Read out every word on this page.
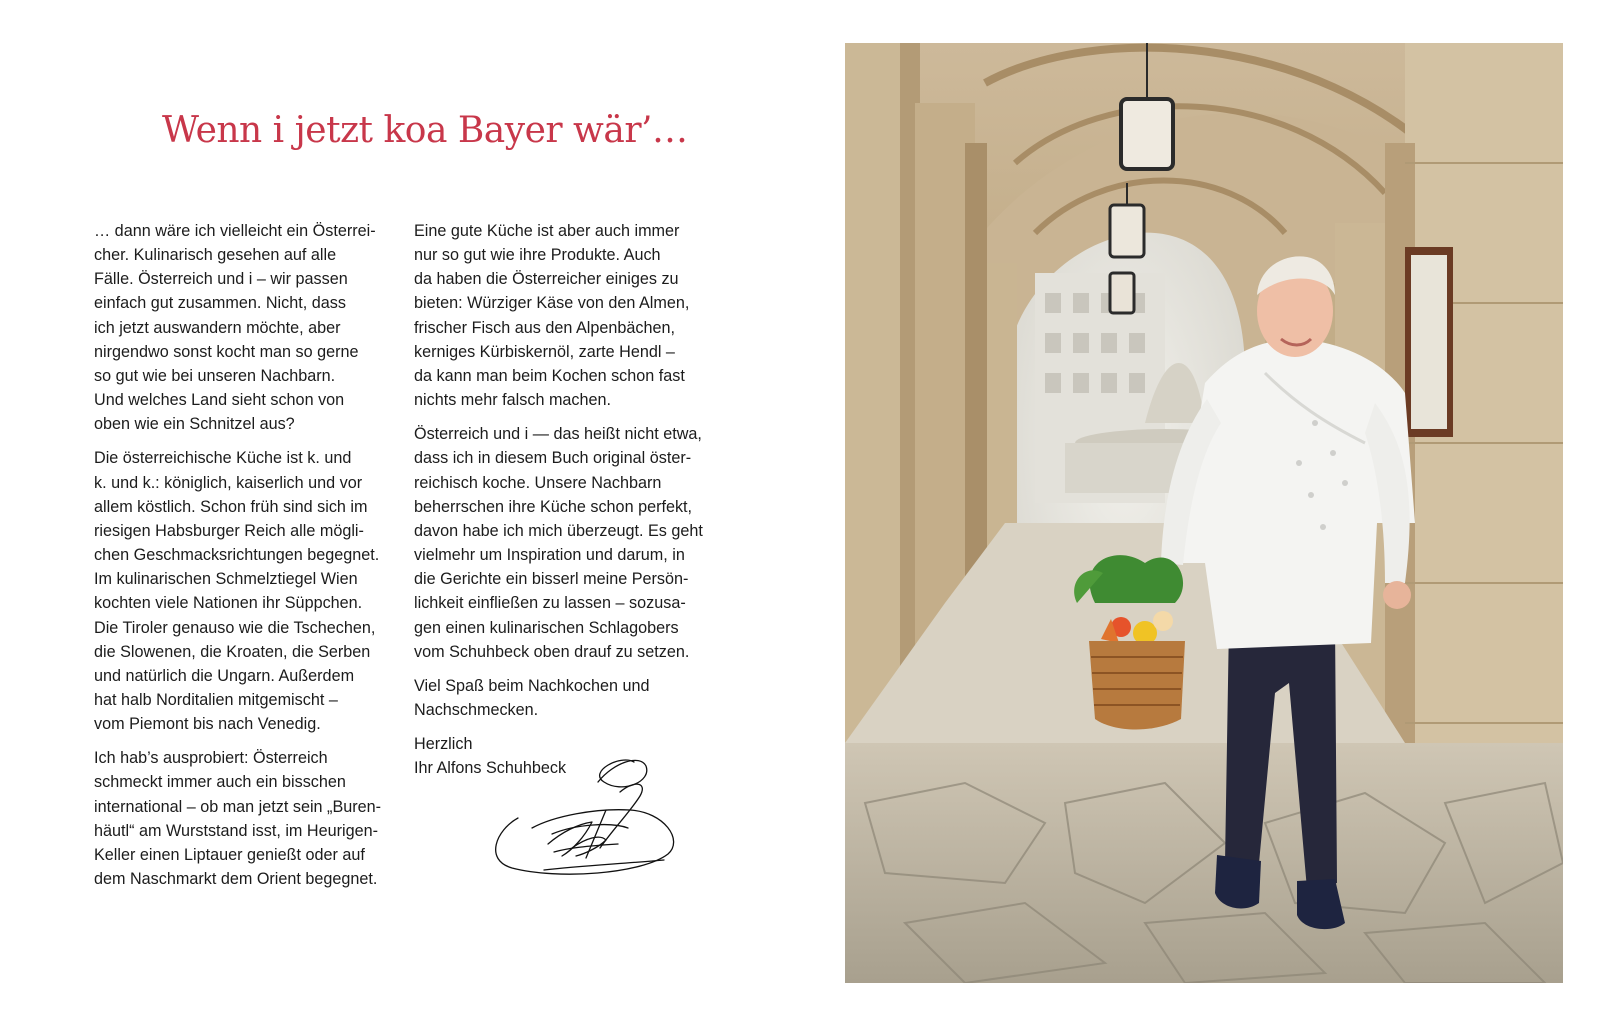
Wenn i jetzt koa Bayer wär’…

… dann wäre ich vielleicht ein Österrei-
cher. Kulinarisch gesehen auf alle
Fälle. Österreich und i – wir passen
einfach gut zusammen. Nicht, dass
ich jetzt auswandern möchte, aber
nirgendwo sonst kocht man so gerne
so gut wie bei unseren Nachbarn.
Und welches Land sieht schon von
oben wie ein Schnitzel aus?

Die österreichische Küche ist k. und
k. und k.: königlich, kaiserlich und vor
allem köstlich. Schon früh sind sich im
riesigen Habsburger Reich alle mögli-
chen Geschmacksrichtungen begegnet.
Im kulinarischen Schmelztiegel Wien
kochten viele Nationen ihr Süppchen.
Die Tiroler genauso wie die Tschechen,
die Slowenen, die Kroaten, die Serben
und natürlich die Ungarn. Außerdem
hat halb Norditalien mitgemischt –
vom Piemont bis nach Venedig.

Ich hab’s ausprobiert: Österreich
schmeckt immer auch ein bisschen
international – ob man jetzt sein „Buren-
häutl“ am Wurststand isst, im Heurigen-
Keller einen Liptauer genießt oder auf
dem Naschmarkt dem Orient begegnet.

Eine gute Küche ist aber auch immer
nur so gut wie ihre Produkte. Auch
da haben die Österreicher einiges zu
bieten: Würziger Käse von den Almen,
frischer Fisch aus den Alpenbächen,
kerniges Kürbiskernöl, zarte Hendl –
da kann man beim Kochen schon fast
nichts mehr falsch machen.

Österreich und i — das heißt nicht etwa,
dass ich in diesem Buch original öster-
reichisch koche. Unsere Nachbarn
beherrschen ihre Küche schon perfekt,
davon habe ich mich überzeugt. Es geht
vielmehr um Inspiration und darum, in
die Gerichte ein bisserl meine Persön-
lichkeit einfließen zu lassen – sozusa-
gen einen kulinarischen Schlagobers
vom Schuhbeck oben drauf zu setzen.

Viel Spaß beim Nachkochen und
Nachschmecken.

Herzlich
Ihr Alfons Schuhbeck
